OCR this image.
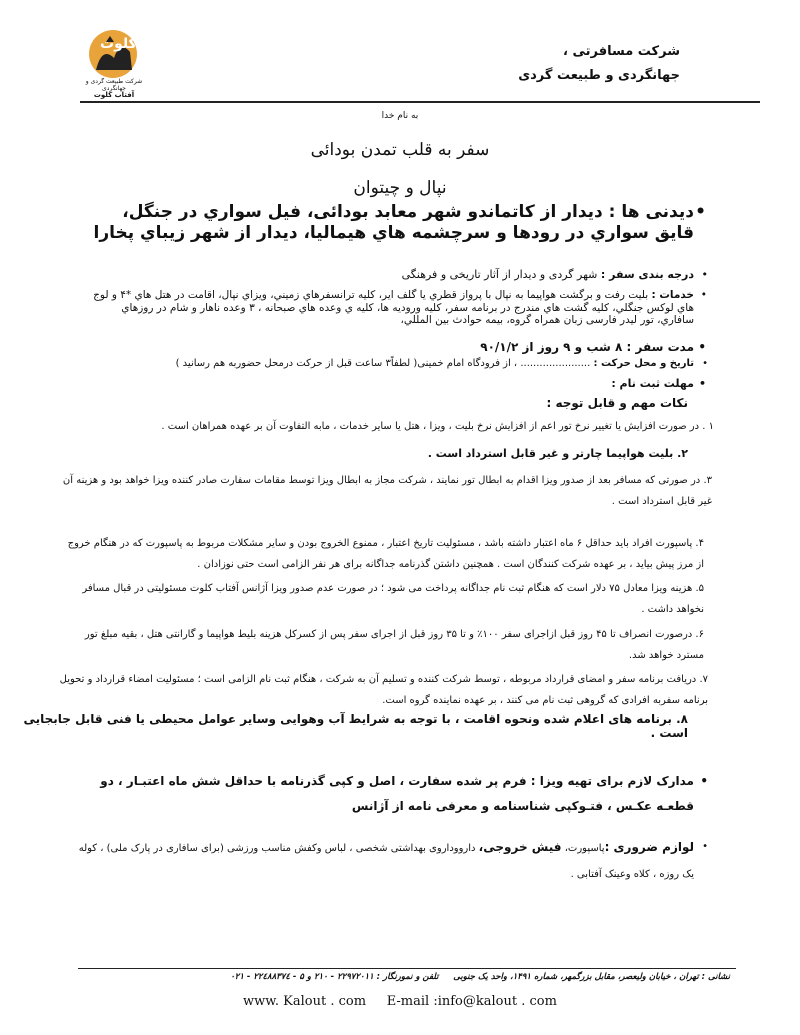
کلوت
شرکت طبیعت گردی و جهانگردی
آفتاب کلوت
شرکت مسافرتی ،
جهانگردی و طبیعت گردی
به نام خدا
سفر به قلب تمدن بودائی
نپال و چیتوان
• دیدنی ها : دیدار از کاتماندو شهر معابد بودائی، فیل سواري در جنگل، قایق سواري در رودها و سرچشمه هاي هیمالیا، دیدار از شهر زیباي پخارا
• درجه بندی سفر : شهر گردی و دیدار از آثار تاریخی و فرهنگی
• خدمات : بلیت رفت و برگشت هواپیما به نپال با پرواز قطري یا گلف ایر، کلیه ترانسفرهاي زمیني، ویزاي نپال، اقامت در هتل هاي *۴ و لوج هاي لوکس جنگلي، کلیه گشت هاي مندرج در برنامه سفر، کلیه ورودیه ها، کلیه ي وعده هاي صبحانه ، ۳ وعده ناهار و شام در روزهاي سافاري، تور لیدر فارسی زبان همراه گروه، بیمه حوادث بین المللي،
• مدت سفر : ۸ شب و ۹ روز از ۹۰/۱/۲
• تاریخ و محل حرکت : ...................... ، از فرودگاه امام خمینی( لطفاً۳ ساعت قبل از حرکت درمحل حضوربه هم رسانید )
• مهلت ثبت نام :
نکات مهم و قابل توجه :
۱ . در صورت افزایش یا تغییر نرخ تور اعم از افزایش نرخ بلیت ، ویزا ، هتل یا سایر خدمات ، مابه التفاوت آن بر عهده همراهان است .
۲. بلیت هواپیما چارتر و غیر قابل استرداد است .
۳. در صورتی که مسافر بعد از صدور ویزا اقدام به ابطال تور نمایند ، شرکت مجاز به ابطال ویزا توسط مقامات سفارت صادر کننده ویزا خواهد بود و هزینه آن غیر قابل استرداد است .
۴. پاسپورت افراد باید حداقل ۶ ماه اعتبار داشته باشد ، مسئولیت تاریخ اعتبار ، ممنوع الخروج بودن و سایر مشکلات مربوط به پاسپورت که در هنگام خروج از مرز پیش بیاید ، بر عهده شرکت کنندگان است . همچنین داشتن گذرنامه جداگانه برای هر نفر الزامی است حتی نوزادان .
۵. هزینه ویزا معادل ۷۵ دلار است که هنگام ثبت نام جداگانه پرداخت می شود ؛ در صورت عدم صدور ویزا آژانس آفتاب کلوت مسئولیتی در قبال مسافر نخواهد داشت .
۶. درصورت انصراف تا ۴۵ روز قبل ازاجرای سفر ۱۰۰٪ و تا ۳۵ روز قبل از اجرای سفر پس از کسرکل هزینه بلیط هواپیما و گارانتی هتل ، بقیه مبلغ تور مسترد خواهد شد.
۷. دریافت برنامه سفر و امضای قرارداد مربوطه ، توسط شرکت کننده و تسلیم آن به شرکت ، هنگام ثبت نام الزامی است ؛ مسئولیت امضاء قرارداد و تحویل برنامه سفربه افرادی که گروهی ثبت نام می کنند ، بر عهده نماینده گروه است.
۸. برنامه های اعلام شده ونحوه اقامت ، با توجه به شرایط آب وهوایی وسایر عوامل محیطی یا فنی قابل جابجایی است .
• مدارک لازم برای تهیه ویزا : فرم پر شده سفارت ، اصل و کپی گذرنامه با حداقل شش ماه اعتبـار ، دو قطعـه عکـس ، فتـوکپی شناسنامه و معرفی نامه از آژانس
• لوازم ضروری :پاسپورت، فیش خروجی، دارووداروی بهداشتی شخصی ، لباس وکفش مناسب ورزشی (برای سافاری در پارک ملی) ، کوله یک روزه ، کلاه وعینک آفتابی .
نشانی : تهران ، خیابان ولیعصر، مقابل بزرگمهر، شماره ۱۴۹۱، واحد یک جنوبی     تلفن و نمورنگار : ۲۲۹۷۲۰۱۱ - ۲۱۰ و ۵ - ۲۲٤۸۸۳۷٤ - ۰۲۱
www. Kalout . com     E-mail :info@kalout . com
